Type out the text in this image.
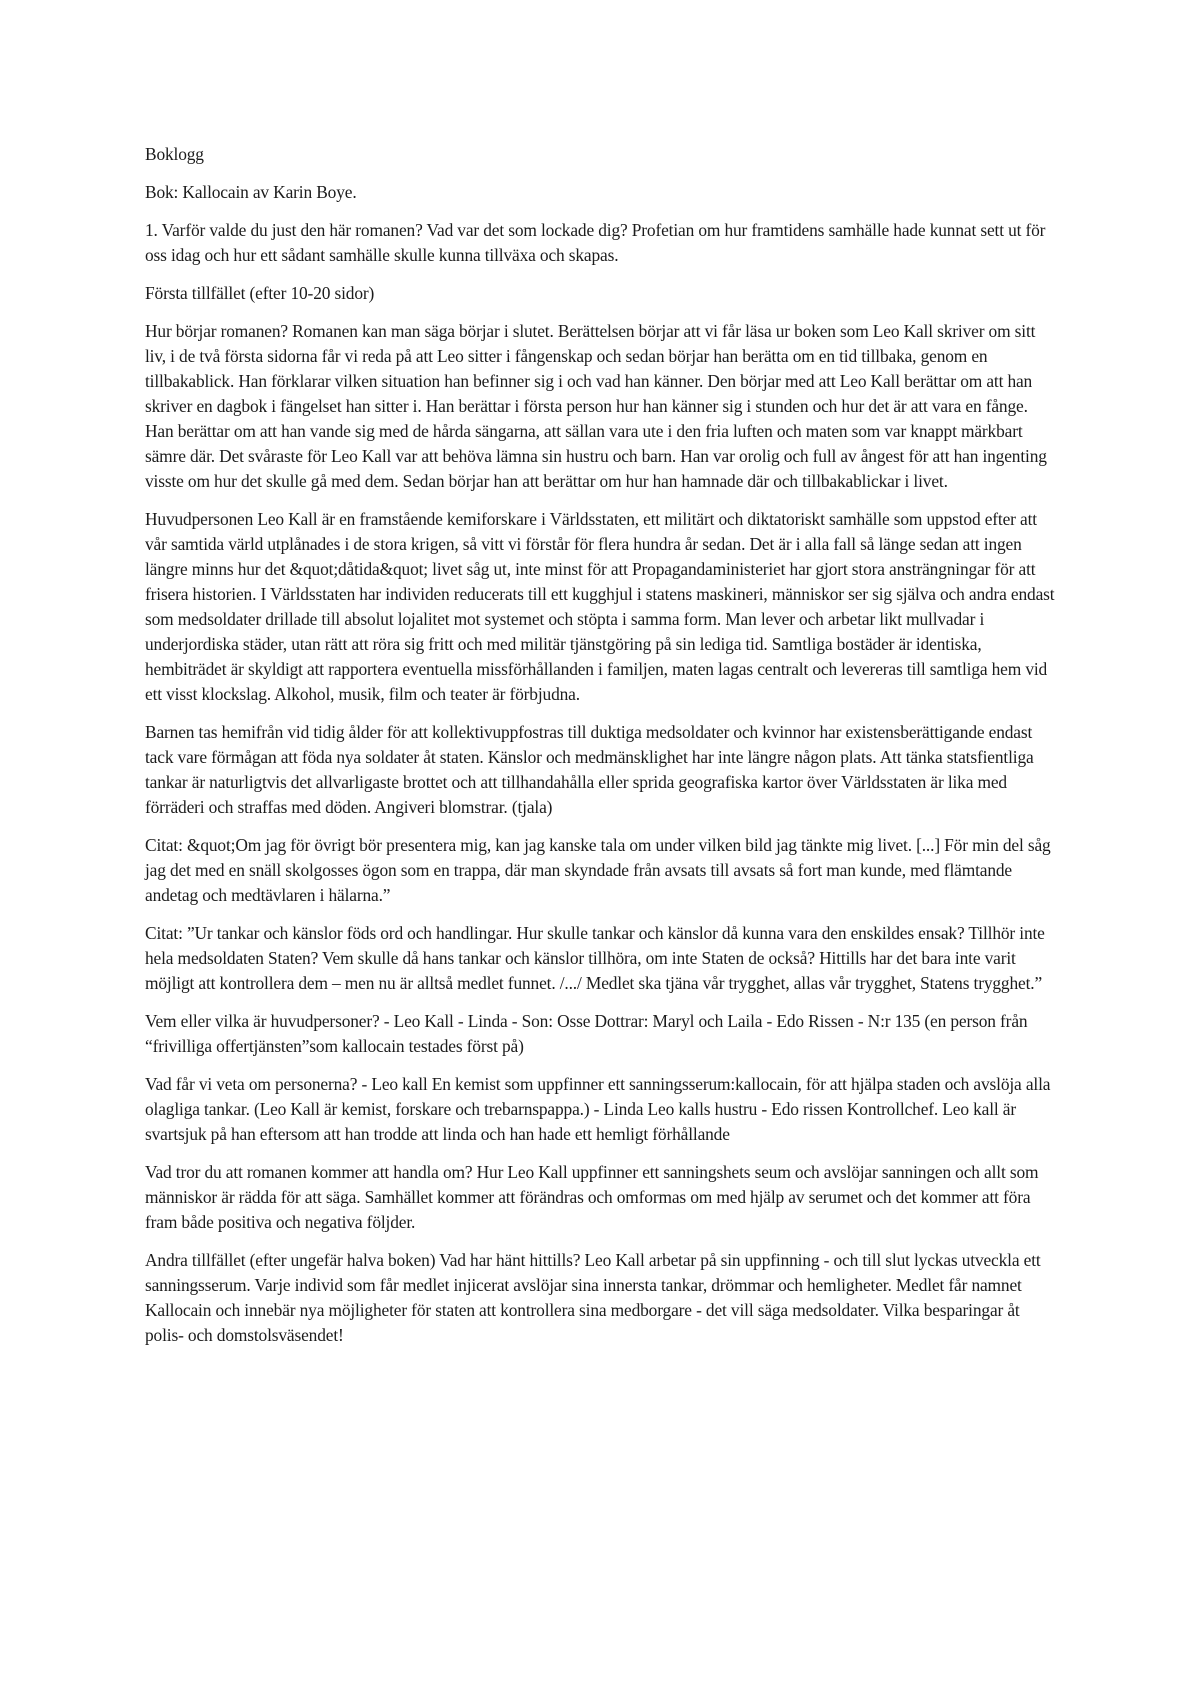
Boklogg

Bok: Kallocain av Karin Boye.

1. Varför valde du just den här romanen? Vad var det som lockade dig? Profetian om hur framtidens samhälle hade kunnat sett ut för oss idag och hur ett sådant samhälle skulle kunna tillväxa och skapas.

Första tillfället (efter 10-20 sidor)

Hur börjar romanen? Romanen kan man säga börjar i slutet. Berättelsen börjar att vi får läsa ur boken som Leo Kall skriver om sitt liv, i de två första sidorna får vi reda på att Leo sitter i fångenskap och sedan börjar han berätta om en tid tillbaka, genom en tillbakablick. Han förklarar vilken situation han befinner sig i och vad han känner. Den börjar med att Leo Kall berättar om att han skriver en dagbok i fängelset han sitter i. Han berättar i första person hur han känner sig i stunden och hur det är att vara en fånge. Han berättar om att han vande sig med de hårda sängarna, att sällan vara ute i den fria luften och maten som var knappt märkbart sämre där. Det svåraste för Leo Kall var att behöva lämna sin hustru och barn. Han var orolig och full av ångest för att han ingenting visste om hur det skulle gå med dem. Sedan börjar han att berättar om hur han hamnade där och tillbakablickar i livet.

Huvudpersonen Leo Kall är en framstående kemiforskare i Världsstaten, ett militärt och diktatoriskt samhälle som uppstod efter att vår samtida värld utplånades i de stora krigen, så vitt vi förstår för flera hundra år sedan. Det är i alla fall så länge sedan att ingen längre minns hur det &quot;dåtida&quot; livet såg ut, inte minst för att Propagandaministeriet har gjort stora ansträngningar för att frisera historien. I Världsstaten har individen reducerats till ett kugghjul i statens maskineri, människor ser sig själva och andra endast som medsoldater drillade till absolut lojalitet mot systemet och stöpta i samma form. Man lever och arbetar likt mullvadar i underjordiska städer, utan rätt att röra sig fritt och med militär tjänstgöring på sin lediga tid. Samtliga bostäder är identiska, hembiträdet är skyldigt att rapportera eventuella missförhållanden i familjen, maten lagas centralt och levereras till samtliga hem vid ett visst klockslag. Alkohol, musik, film och teater är förbjudna.

Barnen tas hemifrån vid tidig ålder för att kollektivuppfostras till duktiga medsoldater och kvinnor har existensberättigande endast tack vare förmågan att föda nya soldater åt staten. Känslor och medmänsklighet har inte längre någon plats. Att tänka statsfientliga tankar är naturligtvis det allvarligaste brottet och att tillhandahålla eller sprida geografiska kartor över Världsstaten är lika med förräderi och straffas med döden. Angiveri blomstrar. (tjala)

Citat: &quot;Om jag för övrigt bör presentera mig, kan jag kanske tala om under vilken bild jag tänkte mig livet. [...] För min del såg jag det med en snäll skolgosses ögon som en trappa, där man skyndade från avsats till avsats så fort man kunde, med flämtande andetag och medtävlaren i hälarna.”

Citat: ”Ur tankar och känslor föds ord och handlingar. Hur skulle tankar och känslor då kunna vara den enskildes ensak? Tillhör inte hela medsoldaten Staten? Vem skulle då hans tankar och känslor tillhöra, om inte Staten de också? Hittills har det bara inte varit möjligt att kontrollera dem – men nu är alltså medlet funnet. /.../ Medlet ska tjäna vår trygghet, allas vår trygghet, Statens trygghet.”

Vem eller vilka är huvudpersoner? - Leo Kall - Linda - Son: Osse Dottrar: Maryl och Laila - Edo Rissen - N:r 135 (en person från “frivilliga offertjänsten”som kallocain testades först på)

Vad får vi veta om personerna? - Leo kall En kemist som uppfinner ett sanningsserum:kallocain, för att hjälpa staden och avslöja alla olagliga tankar. (Leo Kall är kemist, forskare och trebarnspappa.) - Linda Leo kalls hustru - Edo rissen Kontrollchef. Leo kall är svartsjuk på han eftersom att han trodde att linda och han hade ett hemligt förhållande

Vad tror du att romanen kommer att handla om? Hur Leo Kall uppfinner ett sanningshets seum och avslöjar sanningen och allt som människor är rädda för att säga. Samhället kommer att förändras och omformas om med hjälp av serumet och det kommer att föra fram både positiva och negativa följder.

Andra tillfället (efter ungefär halva boken) Vad har hänt hittills? Leo Kall arbetar på sin uppfinning - och till slut lyckas utveckla ett sanningsserum. Varje individ som får medlet injicerat avslöjar sina innersta tankar, drömmar och hemligheter. Medlet får namnet Kallocain och innebär nya möjligheter för staten att kontrollera sina medborgare - det vill säga medsoldater. Vilka besparingar åt polis- och domstolsväsendet!
